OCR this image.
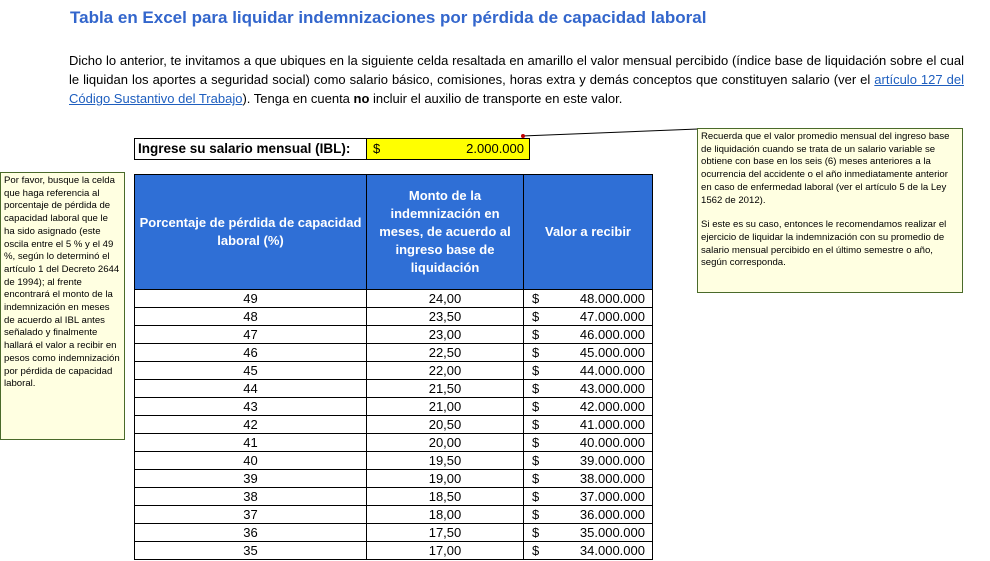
Tabla en Excel para liquidar indemnizaciones por pérdida de capacidad laboral
Dicho lo anterior, te invitamos a que ubiques en la siguiente celda resaltada en amarillo el valor mensual percibido (índice base de liquidación sobre el cual le liquidan los aportes a seguridad social) como salario básico, comisiones, horas extra y demás conceptos que constituyen salario (ver el artículo 127 del Código Sustantivo del Trabajo). Tenga en cuenta no incluir el auxilio de transporte en este valor.
Ingrese su salario mensual (IBL):	$	2.000.000
Porcentaje de pérdida de capacidad laboral (%)	Monto de la indemnización en meses, de acuerdo al ingreso base de liquidación	Valor a recibir
49	24,00	$ 48.000.000
48	23,50	$ 47.000.000
47	23,00	$ 46.000.000
46	22,50	$ 45.000.000
45	22,00	$ 44.000.000
44	21,50	$ 43.000.000
43	21,00	$ 42.000.000
42	20,50	$ 41.000.000
41	20,00	$ 40.000.000
40	19,50	$ 39.000.000
39	19,00	$ 38.000.000
38	18,50	$ 37.000.000
37	18,00	$ 36.000.000
36	17,50	$ 35.000.000
35	17,00	$ 34.000.000
Por favor, busque la celda que haga referencia al porcentaje de pérdida de capacidad laboral que le ha sido asignado (este oscila entre el 5 % y el 49 %, según lo determinó el artículo 1 del Decreto 2644 de 1994); al frente encontrará el monto de la indemnización en meses de acuerdo al IBL antes señalado y finalmente hallará el valor a recibir en pesos como indemnización por pérdida de capacidad laboral.

Recuerda que el valor promedio mensual del ingreso base de liquidación cuando se trata de un salario variable se obtiene con base en los seis (6) meses anteriores a la ocurrencia del accidente o el año inmediatamente anterior en caso de enfermedad laboral (ver el artículo 5 de la Ley 1562 de 2012).

Si este es su caso, entonces le recomendamos realizar el ejercicio de liquidar la indemnización con su promedio de salario mensual percibido en el último semestre o año, según corresponda.
